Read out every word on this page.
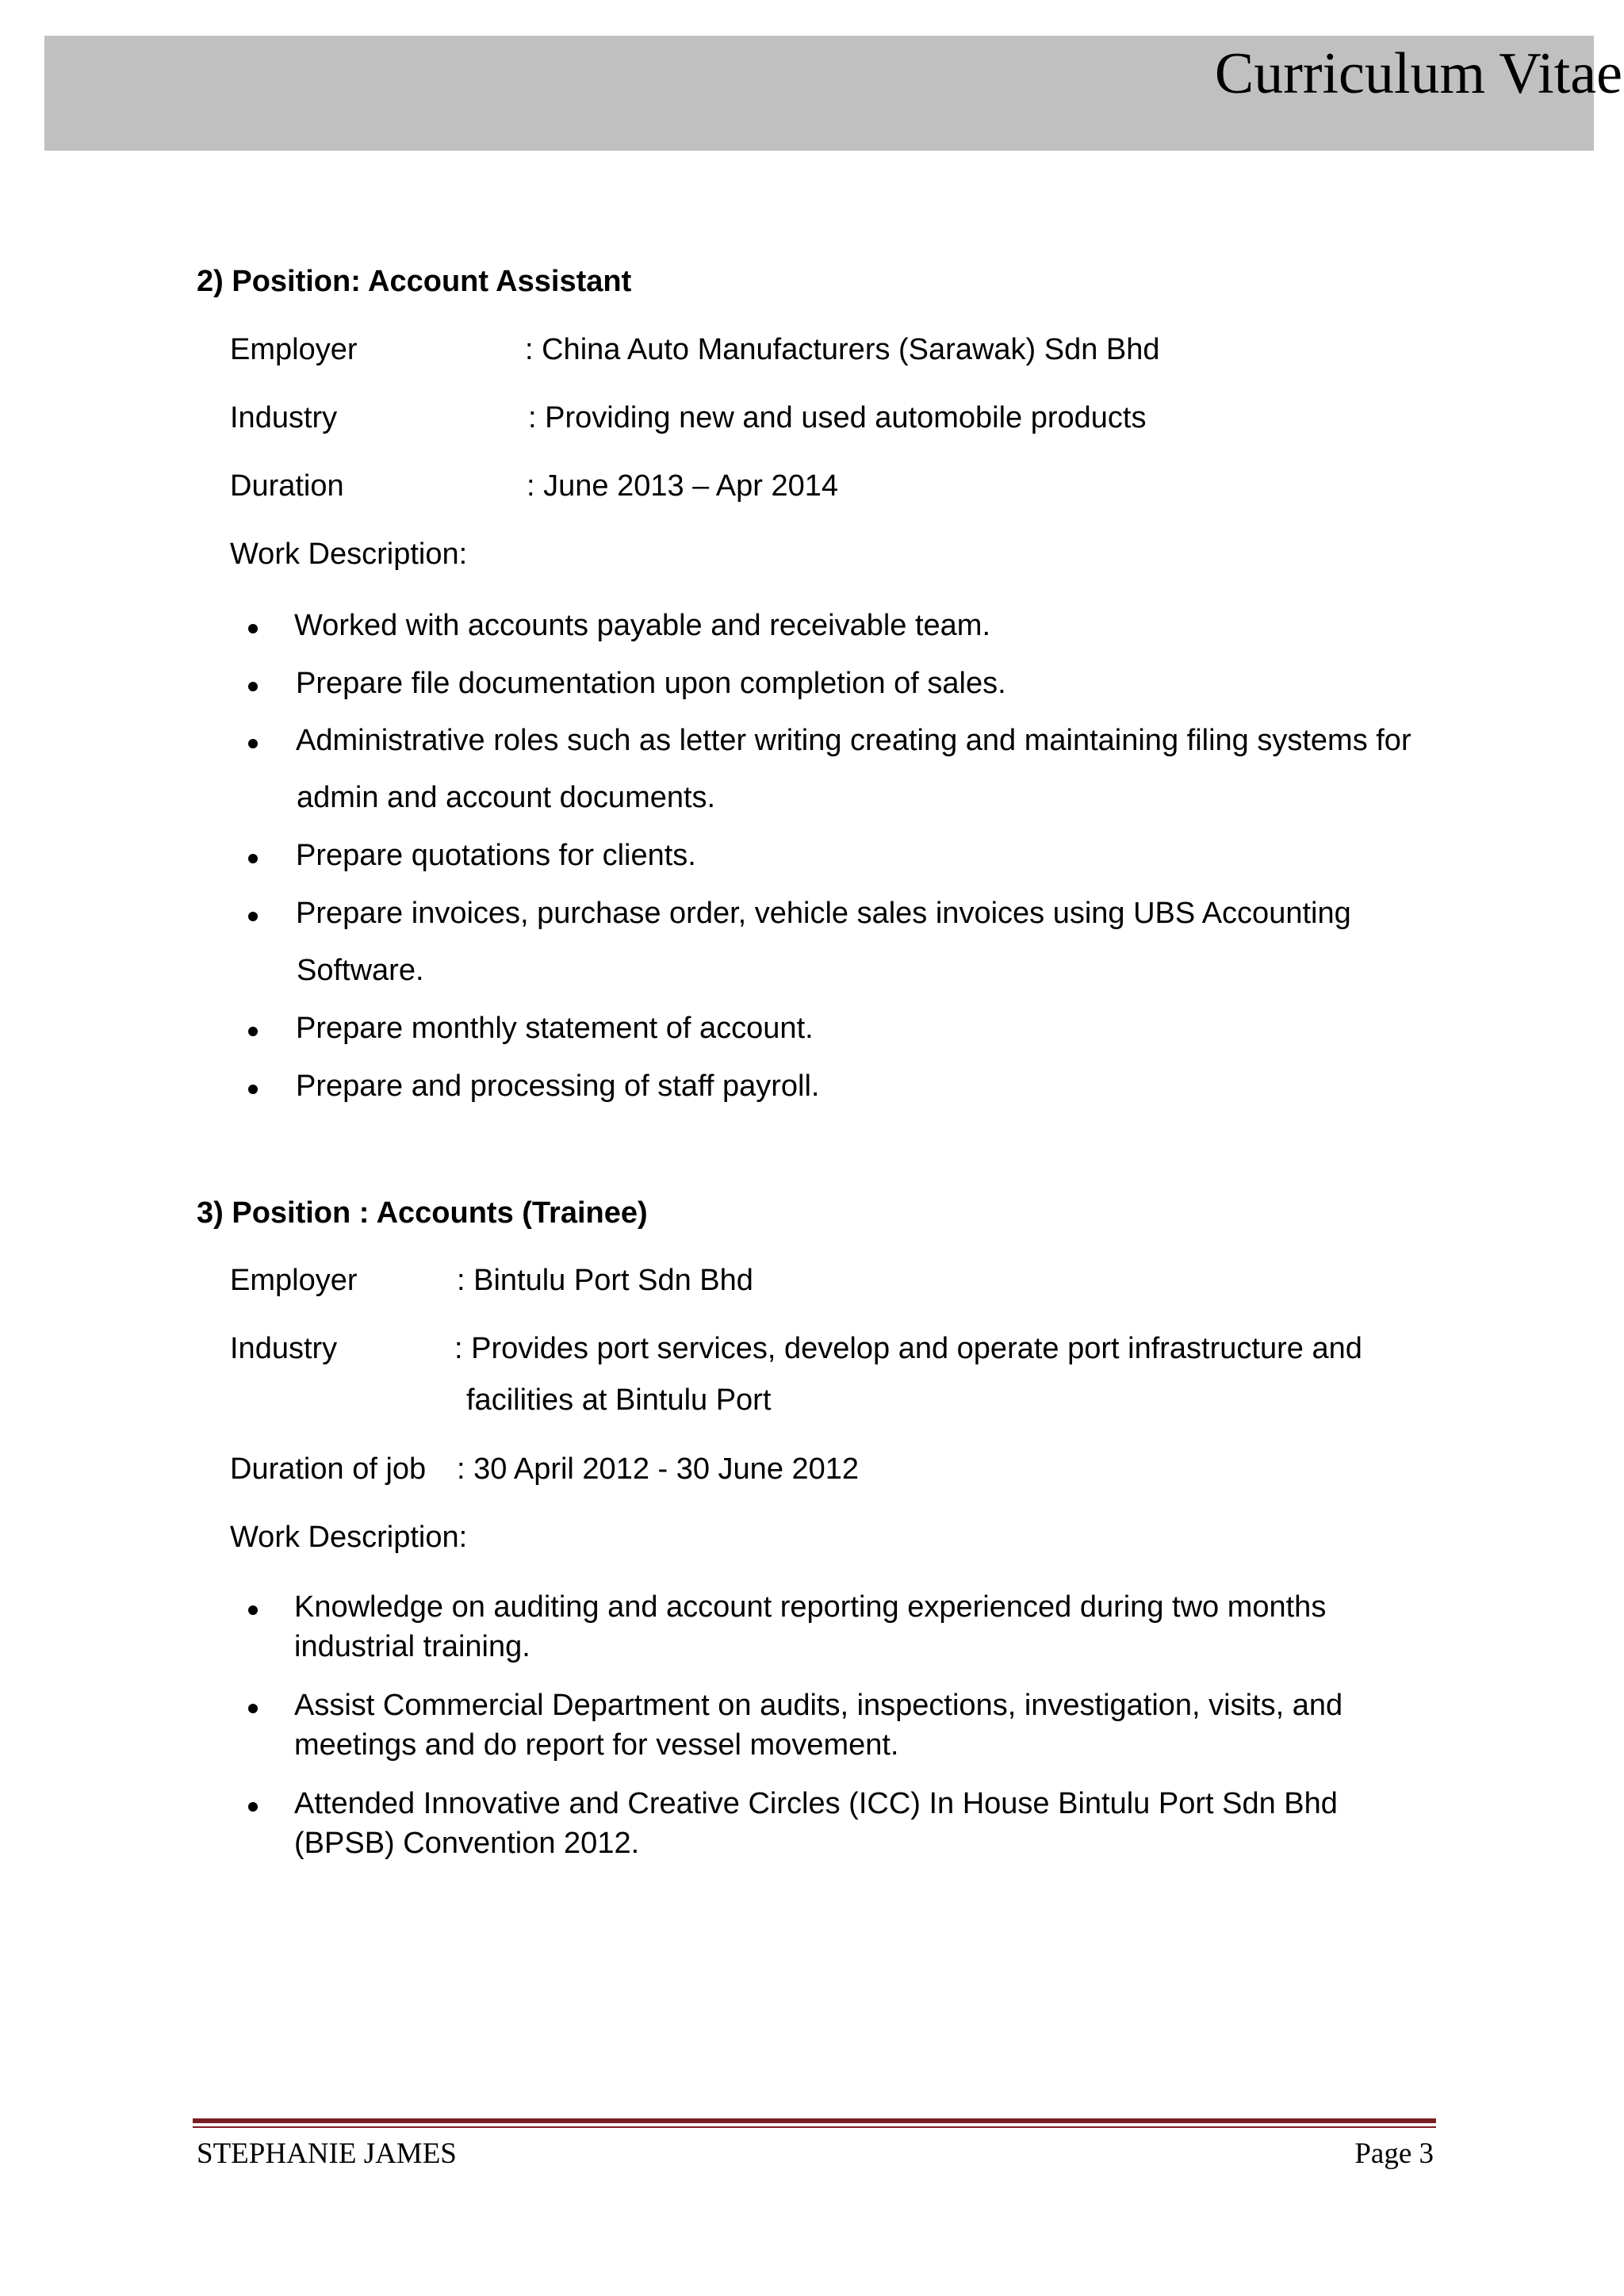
Curriculum Vitae
2) Position: Account Assistant
Employer	: China Auto Manufacturers (Sarawak) Sdn Bhd
Industry	: Providing new and used automobile products
Duration	: June 2013 – Apr 2014
Work Description:
Worked with accounts payable and receivable team.
Prepare file documentation upon completion of sales.
Administrative roles such as letter writing creating and maintaining filing systems for
admin and account documents.
Prepare quotations for clients.
Prepare invoices, purchase order, vehicle sales invoices using UBS Accounting
Software.
Prepare monthly statement of account.
Prepare and processing of staff payroll.
3) Position : Accounts (Trainee)
Employer	: Bintulu Port Sdn Bhd
Industry	: Provides port services, develop and operate port infrastructure and
facilities at Bintulu Port
Duration of job : 30 April 2012 - 30 June 2012
Work Description:
Knowledge on auditing and account reporting experienced during two months
industrial training.
Assist Commercial Department on audits, inspections, investigation, visits, and
meetings and do report for vessel movement.
Attended Innovative and Creative Circles (ICC) In House Bintulu Port Sdn Bhd
(BPSB) Convention 2012.
STEPHANIE JAMES	Page 3
